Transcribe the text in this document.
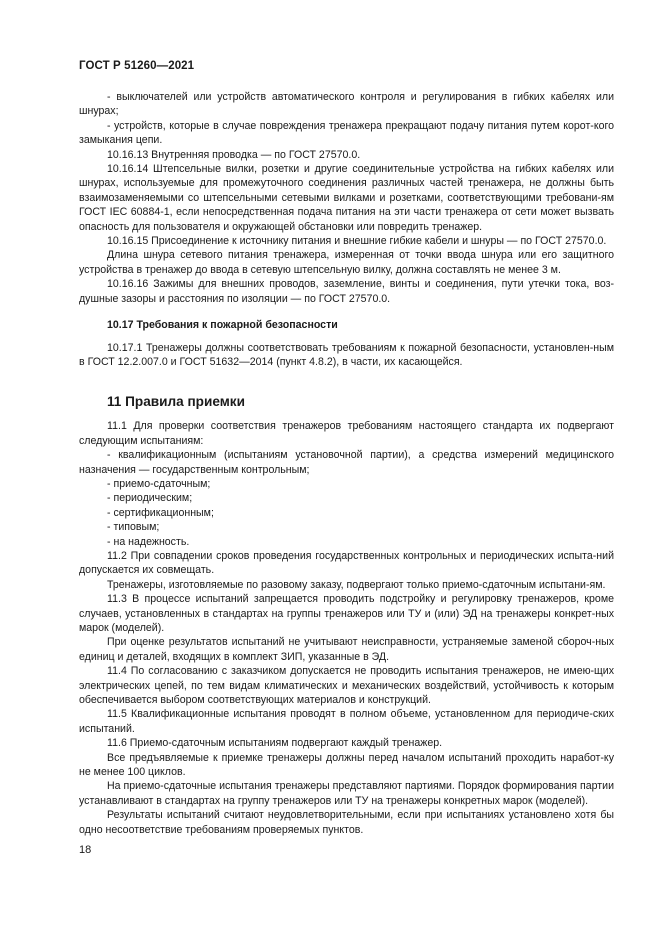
ГОСТ Р 51260—2021

- выключателей или устройств автоматического контроля и регулирования в гибких кабелях или шнурах;

- устройств, которые в случае повреждения тренажера прекращают подачу питания путем корот-кого замыкания цепи.

10.16.13 Внутренняя проводка — по ГОСТ 27570.0.

10.16.14 Штепсельные вилки, розетки и другие соединительные устройства на гибких кабелях или шнурах, используемые для промежуточного соединения различных частей тренажера, не должны быть взаимозаменяемыми со штепсельными сетевыми вилками и розетками, соответствующими требовани-ям ГОСТ IEC 60884-1, если непосредственная подача питания на эти части тренажера от сети может вызвать опасность для пользователя и окружающей обстановки или повредить тренажер.

10.16.15 Присоединение к источнику питания и внешние гибкие кабели и шнуры — по ГОСТ 27570.0.

Длина шнура сетевого питания тренажера, измеренная от точки ввода шнура или его защитного устройства в тренажер до ввода в сетевую штепсельную вилку, должна составлять не менее 3 м.

10.16.16 Зажимы для внешних проводов, заземление, винты и соединения, пути утечки тока, воз-душные зазоры и расстояния по изоляции — по ГОСТ 27570.0.

10.17 Требования к пожарной безопасности

10.17.1 Тренажеры должны соответствовать требованиям к пожарной безопасности, установлен-ным в ГОСТ 12.2.007.0 и ГОСТ 51632—2014 (пункт 4.8.2), в части, их касающейся.

11 Правила приемки

11.1 Для проверки соответствия тренажеров требованиям настоящего стандарта их подвергают следующим испытаниям:

- квалификационным (испытаниям установочной партии), а средства измерений медицинского назначения — государственным контрольным;

- приемо-сдаточным;

- периодическим;

- сертификационным;

- типовым;

- на надежность.

11.2 При совпадении сроков проведения государственных контрольных и периодических испыта-ний допускается их совмещать.

Тренажеры, изготовляемые по разовому заказу, подвергают только приемо-сдаточным испытани-ям.

11.3 В процессе испытаний запрещается проводить подстройку и регулировку тренажеров, кроме случаев, установленных в стандартах на группы тренажеров или ТУ и (или) ЭД на тренажеры конкрет-ных марок (моделей).

При оценке результатов испытаний не учитывают неисправности, устраняемые заменой сбороч-ных единиц и деталей, входящих в комплект ЗИП, указанные в ЭД.

11.4 По согласованию с заказчиком допускается не проводить испытания тренажеров, не имею-щих электрических цепей, по тем видам климатических и механических воздействий, устойчивость к которым обеспечивается выбором соответствующих материалов и конструкций.

11.5 Квалификационные испытания проводят в полном объеме, установленном для периодиче-ских испытаний.

11.6 Приемо-сдаточным испытаниям подвергают каждый тренажер.

Все предъявляемые к приемке тренажеры должны перед началом испытаний проходить наработ-ку не менее 100 циклов.

На приемо-сдаточные испытания тренажеры представляют партиями. Порядок формирования партии устанавливают в стандартах на группу тренажеров или ТУ на тренажеры конкретных марок (моделей).

Результаты испытаний считают неудовлетворительными, если при испытаниях установлено хотя бы одно несоответствие требованиям проверяемых пунктов.

18
